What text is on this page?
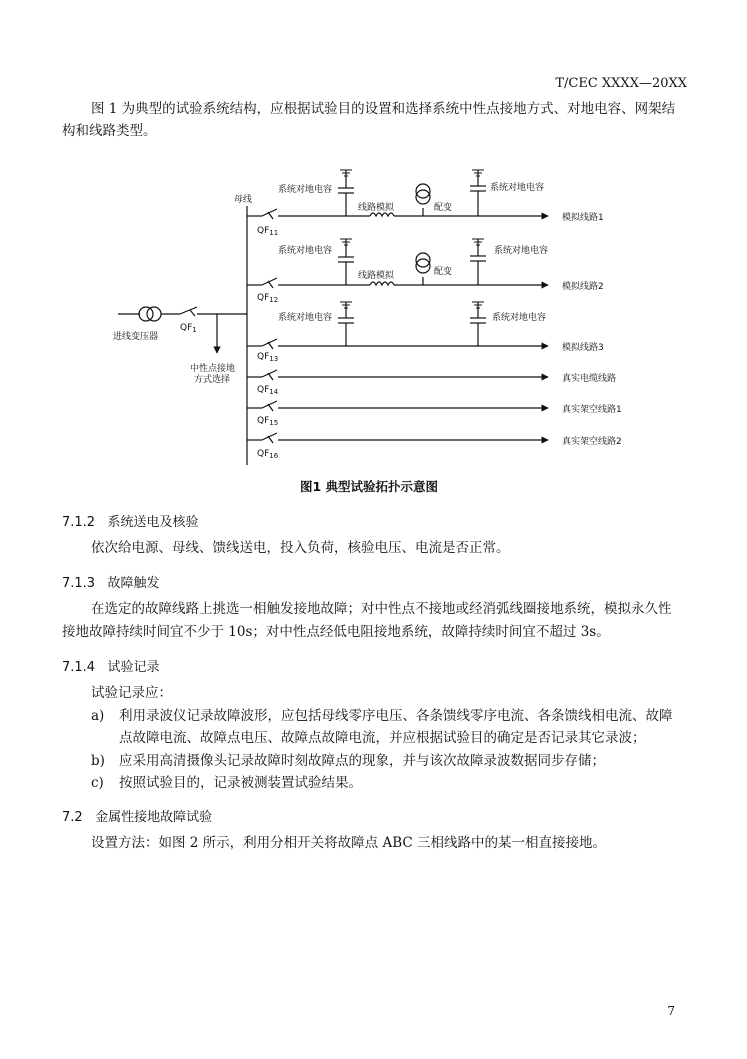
T/CEC XXXX—20XX
图 1 为典型的试验系统结构，应根据试验目的设置和选择系统中性点接地方式、对地电容、网架结
构和线路类型。
母线
系统对地电容	系统对地电容
线路模拟	配变
系统对地电容	系统对地电容
线路模拟	配变
系统对地电容	系统对地电容
进线变压器
中性点接地
方式选择
$QF_1$
$QF_{11}$
$QF_{12}$
$QF_{13}$
$QF_{14}$
$QF_{15}$
$QF_{16}$
模拟线路1
模拟线路2
模拟线路3
真实电缆线路
真实架空线路1
真实架空线路2
图1 典型试验拓扑示意图
7.1.2 系统送电及核验
依次给电源、母线、馈线送电，投入负荷，核验电压、电流是否正常。
7.1.3 故障触发
在选定的故障线路上挑选一相触发接地故障；对中性点不接地或经消弧线圈接地系统，模拟永久性
接地故障持续时间宜不少于 10s；对中性点经低电阻接地系统，故障持续时间宜不超过 3s。
7.1.4 试验记录
试验记录应：
a) 利用录波仪记录故障波形，应包括母线零序电压、各条馈线零序电流、各条馈线相电流、故障
点故障电流、故障点电压、故障点故障电流，并应根据试验目的确定是否记录其它录波；
b) 应采用高清摄像头记录故障时刻故障点的现象，并与该次故障录波数据同步存储；
c) 按照试验目的，记录被测装置试验结果。
7.2 金属性接地故障试验
设置方法：如图 2 所示，利用分相开关将故障点 ABC 三相线路中的某一相直接接地。
7
